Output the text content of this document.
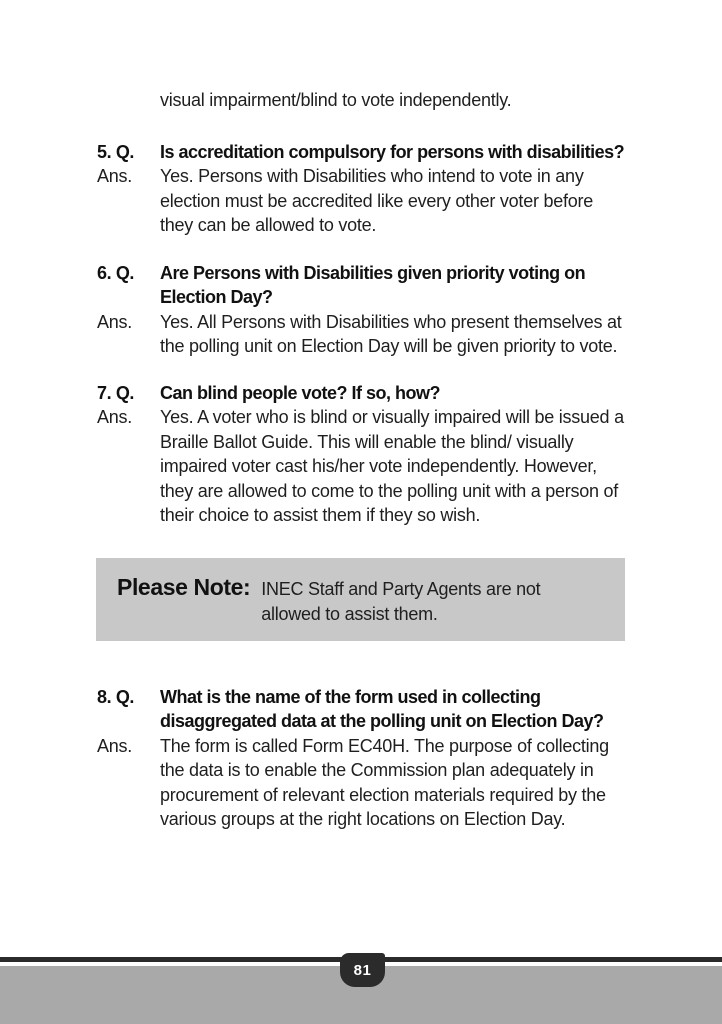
visual impairment/blind to vote independently.
5. Q.	Is accreditation compulsory for persons with disabilities?
Ans.	Yes. Persons with Disabilities who intend to vote in any election must be accredited like every other voter before they can be allowed to vote.
6. Q.	Are Persons with Disabilities given priority voting on Election Day?
Ans.	Yes. All Persons with Disabilities who present themselves at the polling unit on Election Day will be given priority to vote.
7. Q.	Can blind people vote? If so, how?
Ans.	Yes. A voter who is blind or visually impaired will be issued a Braille Ballot Guide. This will enable the blind/ visually impaired voter cast his/her vote independently. However, they are allowed to come to the polling unit with a person of their choice to assist them if they so wish.
Please Note: INEC Staff and Party Agents are not allowed to assist them.
8. Q.	What is the name of the form used in collecting disaggregated data at the polling unit on Election Day?
Ans.	The form is called Form EC40H. The purpose of collecting the data is to enable the Commission plan adequately in procurement of relevant election materials required by the various groups at the right locations on Election Day.
81
